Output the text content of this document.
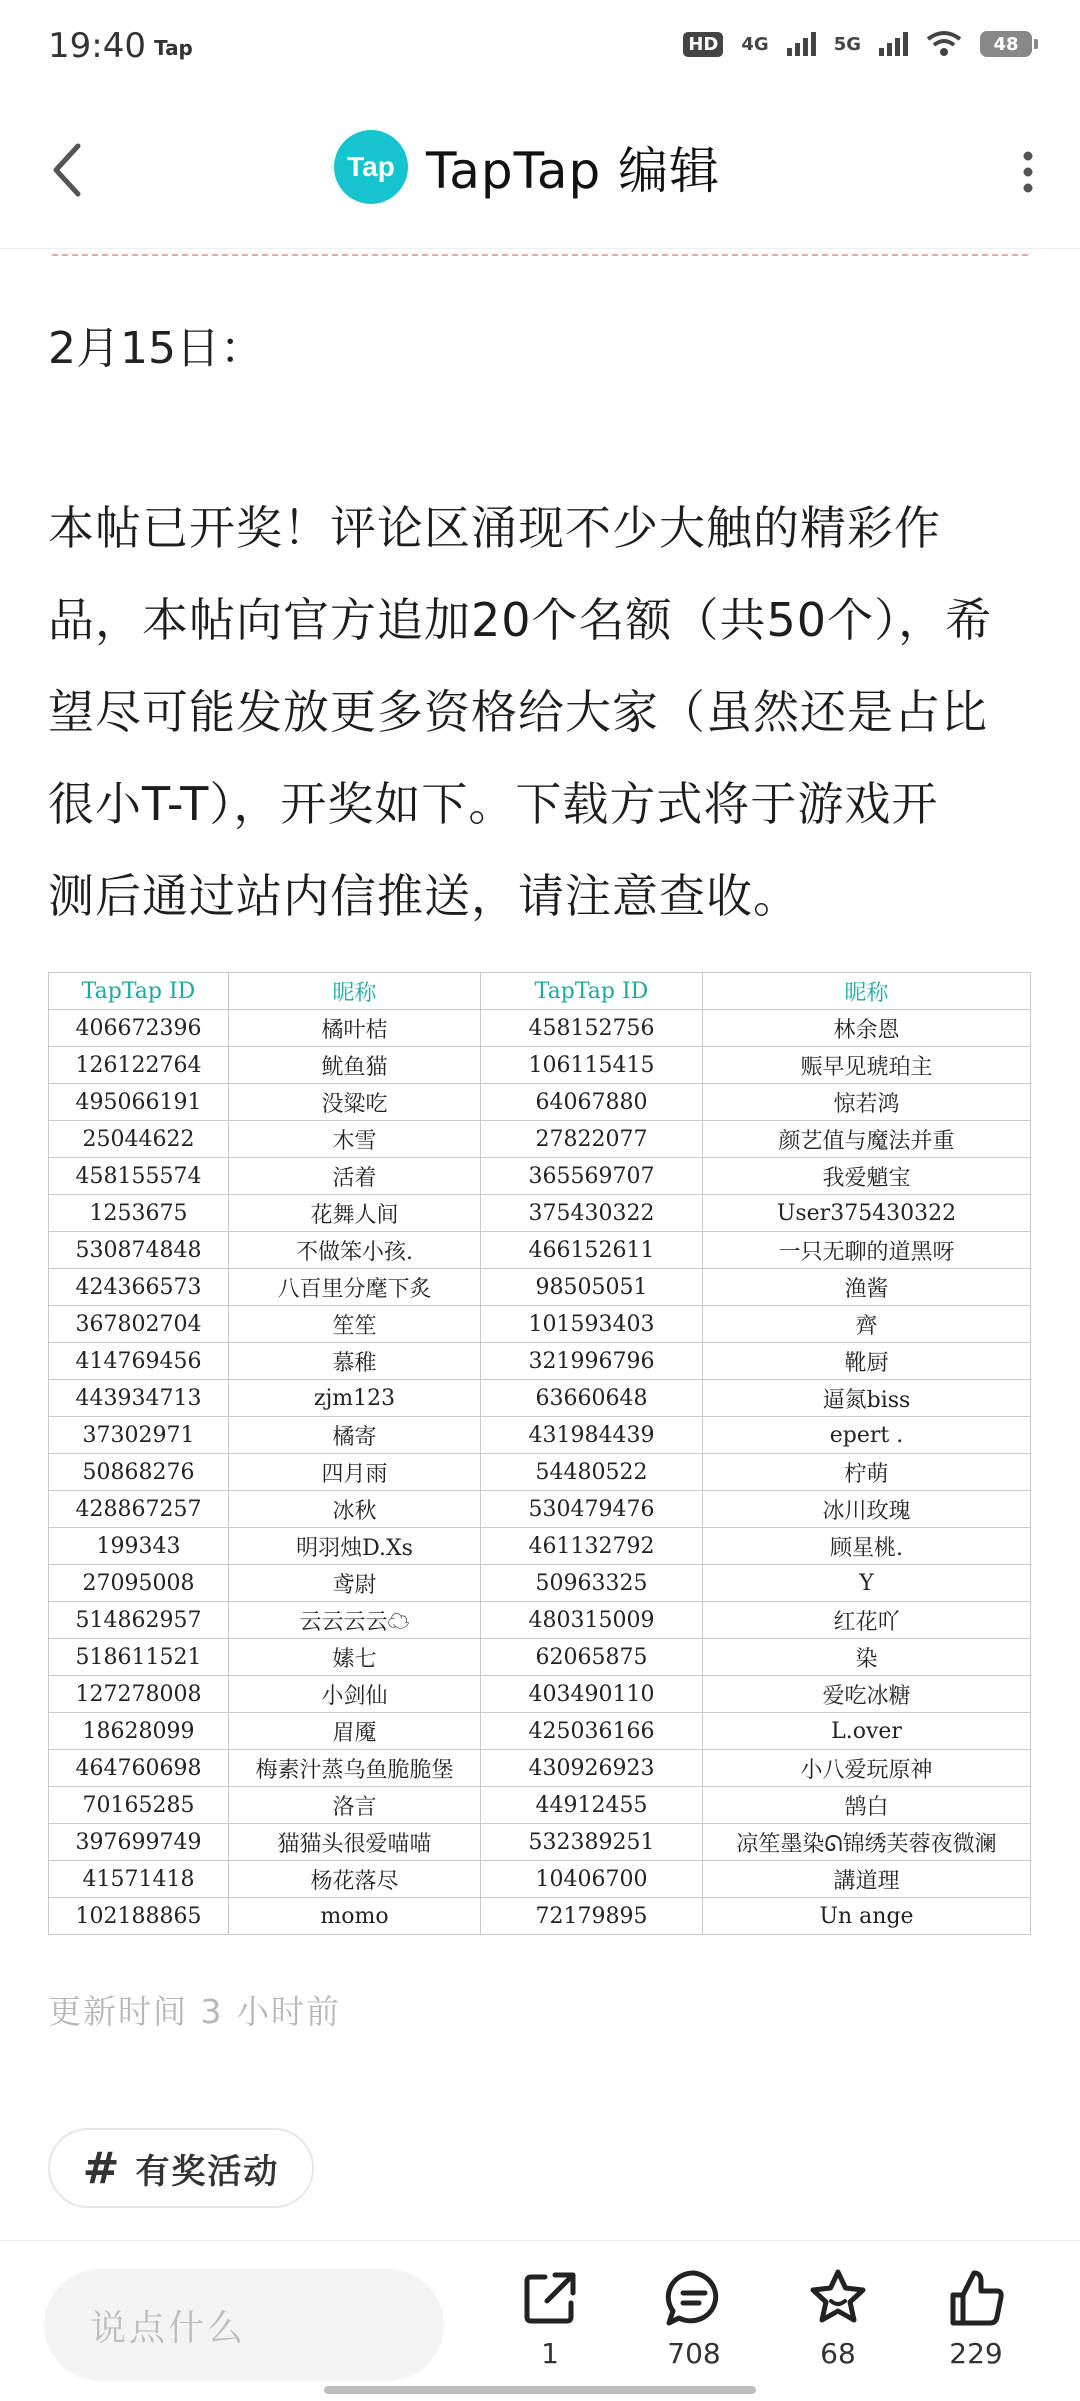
19:40 Tap	HD 4G	5G	48
Tap TapTap 编辑
2月15日：
本帖已开奖！评论区涌现不少大触的精彩作
品，本帖向官方追加20个名额（共50个），希
望尽可能发放更多资格给大家（虽然还是占比
很小T-T），开奖如下。下载方式将于游戏开
测后通过站内信推送，请注意查收。
TapTap ID	昵称	TapTap ID	昵称
406672396	橘叶桔	458152756	林余恩
126122764	鱿鱼猫	106115415	赈早见琥珀主
495066191	没粱吃	64067880	惊若鸿
25044622	木雪	27822077	颜艺值与魔法并重
458155574	活着	365569707	我爱魈宝
1253675	花舞人间	375430322	User375430322
530874848	不做笨小孩.	466152611	一只无聊的道黑呀
424366573	八百里分麾下炙	98505051	渔酱
367802704	笙笙	101593403	齊
414769456	慕稚	321996796	靴厨
443934713	zjm123	63660648	逼氮biss
37302971	橘寄	431984439	epert .
50868276	四月雨	54480522	柠萌
428867257	冰秋	530479476	冰川玫瑰
199343	明羽烛D.Xs	461132792	顾星桃.
27095008	鸢尉	50963325	Y
514862957	云云云云☁	480315009	红花吖
518611521	嫊七	62065875	染
127278008	小剑仙	403490110	爱吃冰糖
18628099	眉魇	425036166	L.over
464760698	梅素汁蒸乌鱼脆脆堡	430926923	小八爱玩原神
70165285	洛言	44912455	鹄白
397699749	猫猫头很爱喵喵	532389251	凉笙墨染ᘏ锦绣芙蓉夜微澜
41571418	杨花落尽	10406700	講道理
102188865	momo	72179895	Un ange
更新时间 3 小时前
# 有奖活动
说点什么
1	708	68	229
